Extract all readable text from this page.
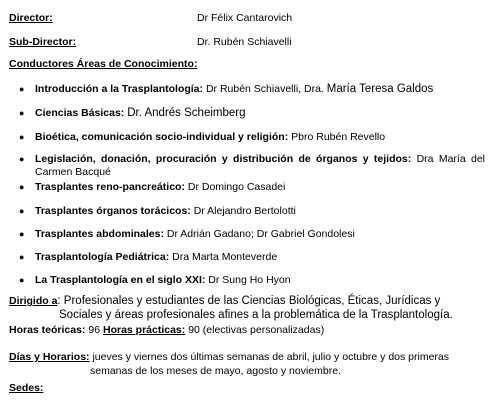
Director:	Dr Félix Cantarovich
Sub-Director:	Dr. Rubén Schiavelli
Conductores Áreas de Conocimiento:
● Introducción a la Trasplantología: Dr Rubén Schiavelli, Dra. María Teresa Galdos
● Ciencias Básicas: Dr. Andrés Scheimberg
● Bioética, comunicación socio-individual y religión: Pbro Rubén Revello
● Legislación, donación, procuración y distribución de órganos y tejidos: Dra María del Carmen Bacqué
● Trasplantes reno-pancreático: Dr Domingo Casadei
● Trasplantes órganos torácicos: Dr Alejandro Bertolotti
● Trasplantes abdominales: Dr Adrián Gadano; Dr Gabriel Gondolesi
● Trasplantología Pediátrica: Dra Marta Monteverde
● La Trasplantología en el siglo XXI: Dr Sung Ho Hyon
Dirigido a: Profesionales y estudiantes de las Ciencias Biológicas, Éticas, Jurídicas y
Sociales y áreas profesionales afines a la problemática de la Trasplantología.
Horas teóricas: 96 Horas prácticas: 90 (electivas personalizadas)
Días y Horarios: jueves y viernes dos últimas semanas de abril, julio y octubre y dos primeras
semanas de los meses de mayo, agosto y noviembre.
Sedes:
